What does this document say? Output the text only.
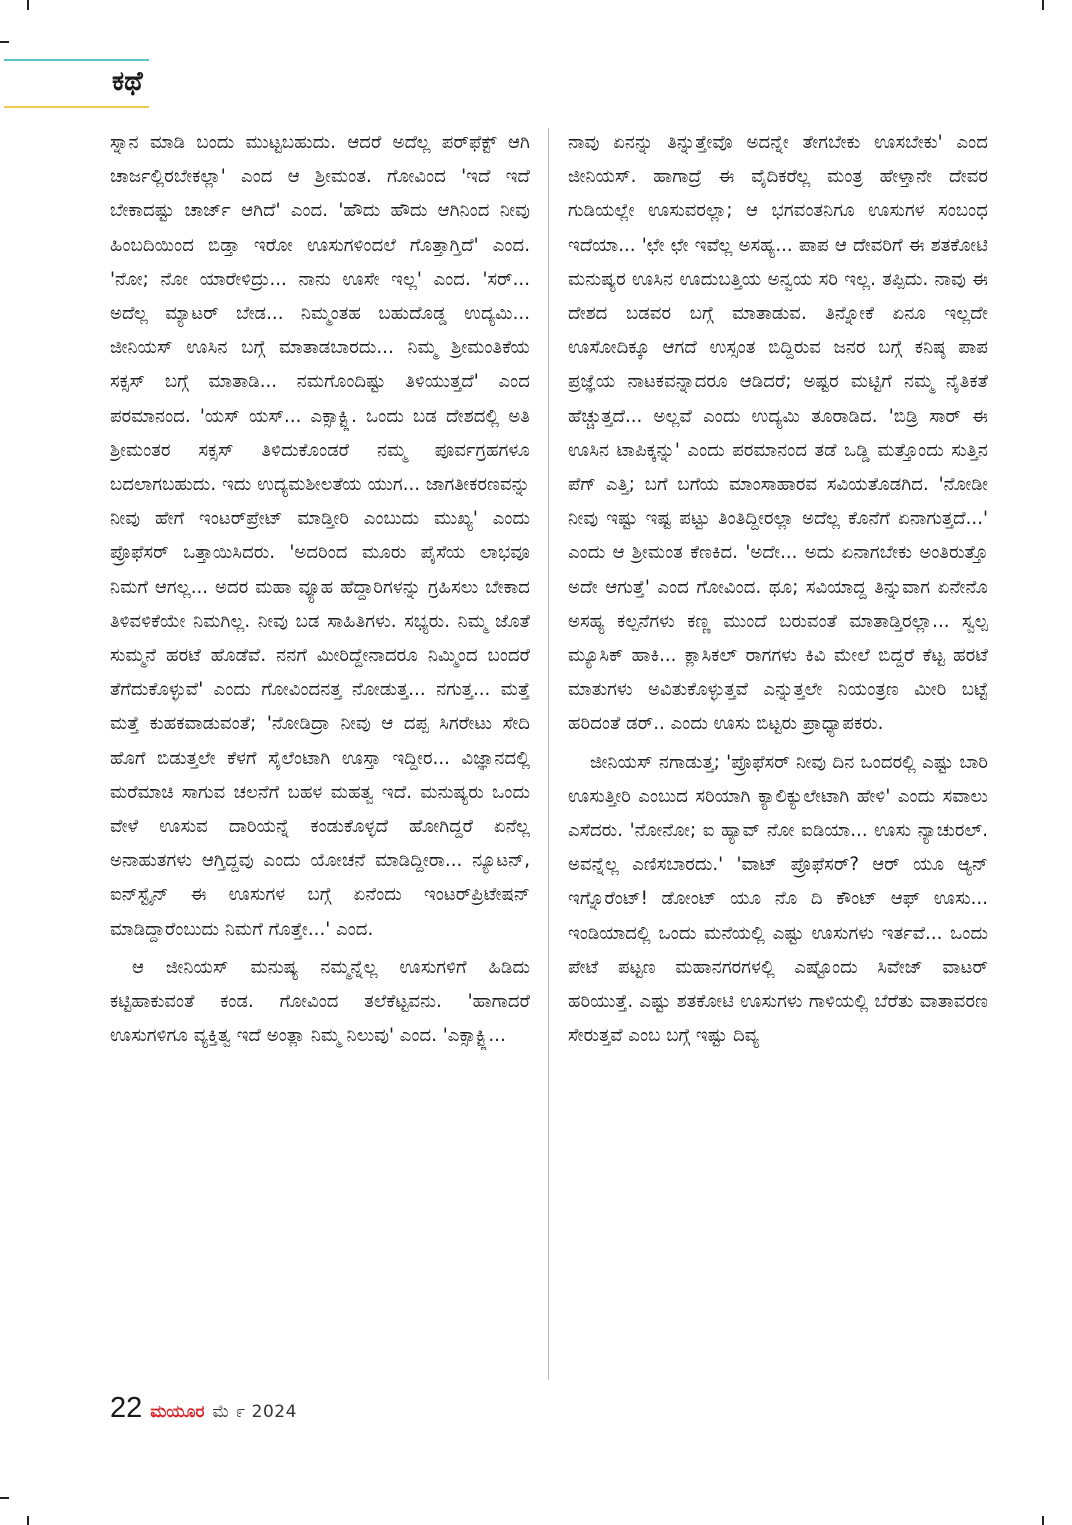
ಕಥೆ

ಸ್ನಾನ ಮಾಡಿ ಬಂದು ಮುಟ್ಟಬಹುದು. ಆದರೆ ಅದೆಲ್ಲ ಪರ್‌ಫೆಕ್ಟ್ ಆಗಿ ಚಾರ್ಜಲ್ಲಿರಬೇಕಲ್ಲಾ' ಎಂದ ಆ ಶ್ರೀಮಂತ. ಗೋವಿಂದ 'ಇದೆ ಇದೆ ಬೇಕಾದಷ್ಟು ಚಾರ್ಜ್ ಆಗಿದೆ' ಎಂದ. 'ಹೌದು ಹೌದು ಆಗಿನಿಂದ ನೀವು ಹಿಂಬದಿಯಿಂದ ಬಿಡ್ತಾ ಇರೋ ಊಸುಗಳಿಂದಲೆ ಗೊತ್ತಾಗ್ತಿದೆ' ಎಂದ. 'ನೋ; ನೋ ಯಾರೇಳಿದ್ರು... ನಾನು ಊಸೇ ಇಲ್ಲ' ಎಂದ. 'ಸರ್... ಅದೆಲ್ಲ ಮ್ಯಾಟರ್ ಬೇಡ... ನಿಮ್ಮಂತಹ ಬಹುದೊಡ್ಡ ಉದ್ಯಮಿ... ಜೀನಿಯಸ್ ಊಸಿನ ಬಗ್ಗೆ ಮಾತಾಡಬಾರದು... ನಿಮ್ಮ ಶ್ರೀಮಂತಿಕೆಯ ಸಕ್ಸಸ್ ಬಗ್ಗೆ ಮಾತಾಡಿ... ನಮಗೊಂದಿಷ್ಟು ತಿಳಿಯುತ್ತದೆ' ಎಂದ ಪರಮಾನಂದ. 'ಯಸ್ ಯಸ್... ಎಕ್ಸಾಕ್ಟ್ಲಿ. ಒಂದು ಬಡ ದೇಶದಲ್ಲಿ ಅತಿ ಶ್ರೀಮಂತರ ಸಕ್ಸಸ್ ತಿಳಿದುಕೊಂಡರೆ ನಮ್ಮ ಪೂರ್ವಗ್ರಹಗಳೂ ಬದಲಾಗಬಹುದು. ಇದು ಉದ್ಯಮಶೀಲತೆಯ ಯುಗ... ಜಾಗತೀಕರಣವನ್ನು ನೀವು ಹೇಗೆ ಇಂಟರ್‌ಪ್ರೇಟ್ ಮಾಡ್ತೀರಿ ಎಂಬುದು ಮುಖ್ಯ' ಎಂದು ಪ್ರೊಫೆಸರ್ ಒತ್ತಾಯಿಸಿದರು. 'ಅದರಿಂದ ಮೂರು ಪೈಸೆಯ ಲಾಭವೂ ನಿಮಗೆ ಆಗಲ್ಲ... ಅದರ ಮಹಾ ವ್ಯೂಹ ಹೆದ್ದಾರಿಗಳನ್ನು ಗ್ರಹಿಸಲು ಬೇಕಾದ ತಿಳಿವಳಿಕೆಯೇ ನಿಮಗಿಲ್ಲ. ನೀವು ಬಡ ಸಾಹಿತಿಗಳು. ಸಭ್ಯರು. ನಿಮ್ಮ ಜೊತೆ ಸುಮ್ಮನೆ ಹರಟೆ ಹೊಡೆವೆ. ನನಗೆ ಮೀರಿದ್ದೇನಾದರೂ ನಿಮ್ಮಿಂದ ಬಂದರೆ ತೆಗೆದುಕೊಳ್ಳುವೆ' ಎಂದು ಗೋವಿಂದನತ್ತ ನೋಡುತ್ತ... ನಗುತ್ತ... ಮತ್ತೆ ಮತ್ತೆ ಕುಹಕವಾಡುವಂತೆ; 'ನೋಡಿದ್ರಾ ನೀವು ಆ ದಪ್ಪ ಸಿಗರೇಟು ಸೇದಿ ಹೊಗೆ ಬಿಡುತ್ತಲೇ ಕೆಳಗೆ ಸೈಲೆಂಟಾಗಿ ಊಸ್ತಾ ಇದ್ದೀರ... ವಿಜ್ಞಾನದಲ್ಲಿ ಮರೆಮಾಚಿ ಸಾಗುವ ಚಲನೆಗೆ ಬಹಳ ಮಹತ್ವ ಇದೆ. ಮನುಷ್ಯರು ಒಂದು ವೇಳೆ ಊಸುವ ದಾರಿಯನ್ನೆ ಕಂಡುಕೊಳ್ಳದೆ ಹೋಗಿದ್ದರೆ ಏನೆಲ್ಲ ಅನಾಹುತಗಳು ಆಗ್ತಿದ್ದವು ಎಂದು ಯೋಚನೆ ಮಾಡಿದ್ದೀರಾ... ನ್ಯೂಟನ್, ಐನ್‌ಸ್ಟೈನ್ ಈ ಊಸುಗಳ ಬಗ್ಗೆ ಏನೆಂದು ಇಂಟರ್‌ಪ್ರಿಟೇಷನ್ ಮಾಡಿದ್ದಾರೆಂಬುದು ನಿಮಗೆ ಗೊತ್ತೇ...' ಎಂದ.

ಆ ಜೀನಿಯಸ್ ಮನುಷ್ಯ ನಮ್ಮನ್ನೆಲ್ಲ ಊಸುಗಳಿಗೆ ಹಿಡಿದು ಕಟ್ಟಿಹಾಕುವಂತೆ ಕಂಡ. ಗೋವಿಂದ ತಲೆಕೆಟ್ಟವನು. 'ಹಾಗಾದರೆ ಊಸುಗಳಿಗೂ ವ್ಯಕ್ತಿತ್ವ ಇದೆ ಅಂತ್ಲಾ ನಿಮ್ಮ ನಿಲುವು' ಎಂದ. 'ಎಕ್ಸಾಕ್ಟ್ಲಿ...

ನಾವು ಏನನ್ನು ತಿನ್ನುತ್ತೇವೊ ಅದನ್ನೇ ತೇಗಬೇಕು ಊಸಬೇಕು' ಎಂದ ಜೀನಿಯಸ್. ಹಾಗಾದ್ರೆ ಈ ವೈದಿಕರೆಲ್ಲ ಮಂತ್ರ ಹೇಳ್ತಾನೇ ದೇವರ ಗುಡಿಯಲ್ಲೇ ಊಸುವರಲ್ಲಾ; ಆ ಭಗವಂತನಿಗೂ ಊಸುಗಳ ಸಂಬಂಧ ಇದೆಯಾ... 'ಛೇ ಛೇ ಇವೆಲ್ಲ ಅಸಹ್ಯ... ಪಾಪ ಆ ದೇವರಿಗೆ ಈ ಶತಕೋಟಿ ಮನುಷ್ಯರ ಊಸಿನ ಊದುಬತ್ತಿಯ ಅನ್ವಯ ಸರಿ ಇಲ್ಲ. ತಪ್ಪಿದು. ನಾವು ಈ ದೇಶದ ಬಡವರ ಬಗ್ಗೆ ಮಾತಾಡುವ. ತಿನ್ನೋಕೆ ಏನೂ ಇಲ್ಲದೇ ಊಸೋದಿಕ್ಕೂ ಆಗದೆ ಉಸ್ಸಂತ ಬಿದ್ದಿರುವ ಜನರ ಬಗ್ಗೆ ಕನಿಷ್ಠ ಪಾಪ ಪ್ರಜ್ಞೆಯ ನಾಟಕವನ್ನಾದರೂ ಆಡಿದರೆ; ಅಷ್ಟರ ಮಟ್ಟಿಗೆ ನಮ್ಮ ನೈತಿಕತೆ ಹೆಚ್ಚುತ್ತದೆ... ಅಲ್ಲವೆ ಎಂದು ಉದ್ಯಮಿ ತೂರಾಡಿದ. 'ಬಿಡ್ರಿ ಸಾರ್ ಈ ಊಸಿನ ಟಾಪಿಕ್ಕನ್ನು' ಎಂದು ಪರಮಾನಂದ ತಡೆ ಒಡ್ಡಿ ಮತ್ತೊಂದು ಸುತ್ತಿನ ಪೆಗ್ ಎತ್ತಿ; ಬಗೆ ಬಗೆಯ ಮಾಂಸಾಹಾರವ ಸವಿಯತೊಡಗಿದ. 'ನೋಡೀ ನೀವು ಇಷ್ಟು ಇಷ್ಟ ಪಟ್ಟು ತಿಂತಿದ್ದೀರಲ್ಲಾ ಅದೆಲ್ಲ ಕೊನೆಗೆ ಏನಾಗುತ್ತದೆ...' ಎಂದು ಆ ಶ್ರೀಮಂತ ಕೆಣಕಿದ. 'ಅದೇ... ಅದು ಏನಾಗಬೇಕು ಅಂತಿರುತ್ತೊ ಅದೇ ಆಗುತ್ತೆ' ಎಂದ ಗೋವಿಂದ. ಥೂ; ಸವಿಯಾದ್ದ ತಿನ್ನುವಾಗ ಏನೇನೊ ಅಸಹ್ಯ ಕಲ್ಪನೆಗಳು ಕಣ್ಣ ಮುಂದೆ ಬರುವಂತೆ ಮಾತಾಡ್ತಿರಲ್ಲಾ... ಸ್ವಲ್ಪ ಮ್ಯೂಸಿಕ್ ಹಾಕಿ... ಕ್ಲಾಸಿಕಲ್ ರಾಗಗಳು ಕಿವಿ ಮೇಲೆ ಬಿದ್ದರೆ ಕೆಟ್ಟ ಹರಟೆ ಮಾತುಗಳು ಅವಿತುಕೊಳ್ಳುತ್ತವೆ ಎನ್ನುತ್ತಲೇ ನಿಯಂತ್ರಣ ಮೀರಿ ಬಟ್ಟೆ ಹರಿದಂತೆ ಡರ್.. ಎಂದು ಊಸು ಬಿಟ್ಟರು ಪ್ರಾಧ್ಯಾಪಕರು.

ಜೀನಿಯಸ್ ನಗಾಡುತ್ತ; 'ಪ್ರೊಫೆಸರ್ ನೀವು ದಿನ ಒಂದರಲ್ಲಿ ಎಷ್ಟು ಬಾರಿ ಊಸುತ್ತೀರಿ ಎಂಬುದ ಸರಿಯಾಗಿ ಕ್ಯಾಲಿಕ್ಯುಲೇಟಾಗಿ ಹೇಳಿ' ಎಂದು ಸವಾಲು ಎಸೆದರು. 'ನೋನೋ; ಐ ಹ್ಯಾವ್ ನೋ ಐಡಿಯಾ... ಊಸು ನ್ಯಾಚುರಲ್. ಅವನ್ನೆಲ್ಲ ಎಣಿಸಬಾರದು.' 'ವಾಟ್ ಪ್ರೊಫೆಸರ್? ಆರ್ ಯೂ ಆ್ಯನ್ ಇಗ್ನೊರೆಂಟ್! ಡೋಂಟ್ ಯೂ ನೊ ದಿ ಕೌಂಟ್ ಆಫ್ ಊಸು... ಇಂಡಿಯಾದಲ್ಲಿ ಒಂದು ಮನೆಯಲ್ಲಿ ಎಷ್ಟು ಊಸುಗಳು ಇರ್ತವೆ... ಒಂದು ಪೇಟೆ ಪಟ್ಟಣ ಮಹಾನಗರಗಳಲ್ಲಿ ಎಷ್ಟೊಂದು ಸಿವೇಜ್ ವಾಟರ್ ಹರಿಯುತ್ತೆ. ಎಷ್ಟು ಶತಕೋಟಿ ಊಸುಗಳು ಗಾಳಿಯಲ್ಲಿ ಬೆರೆತು ವಾತಾವರಣ ಸೇರುತ್ತವೆ ಎಂಬ ಬಗ್ಗೆ ಇಷ್ಟು ದಿವ್ಯ

22 ಮಯೂರ ಮೆ ೯ 2024
